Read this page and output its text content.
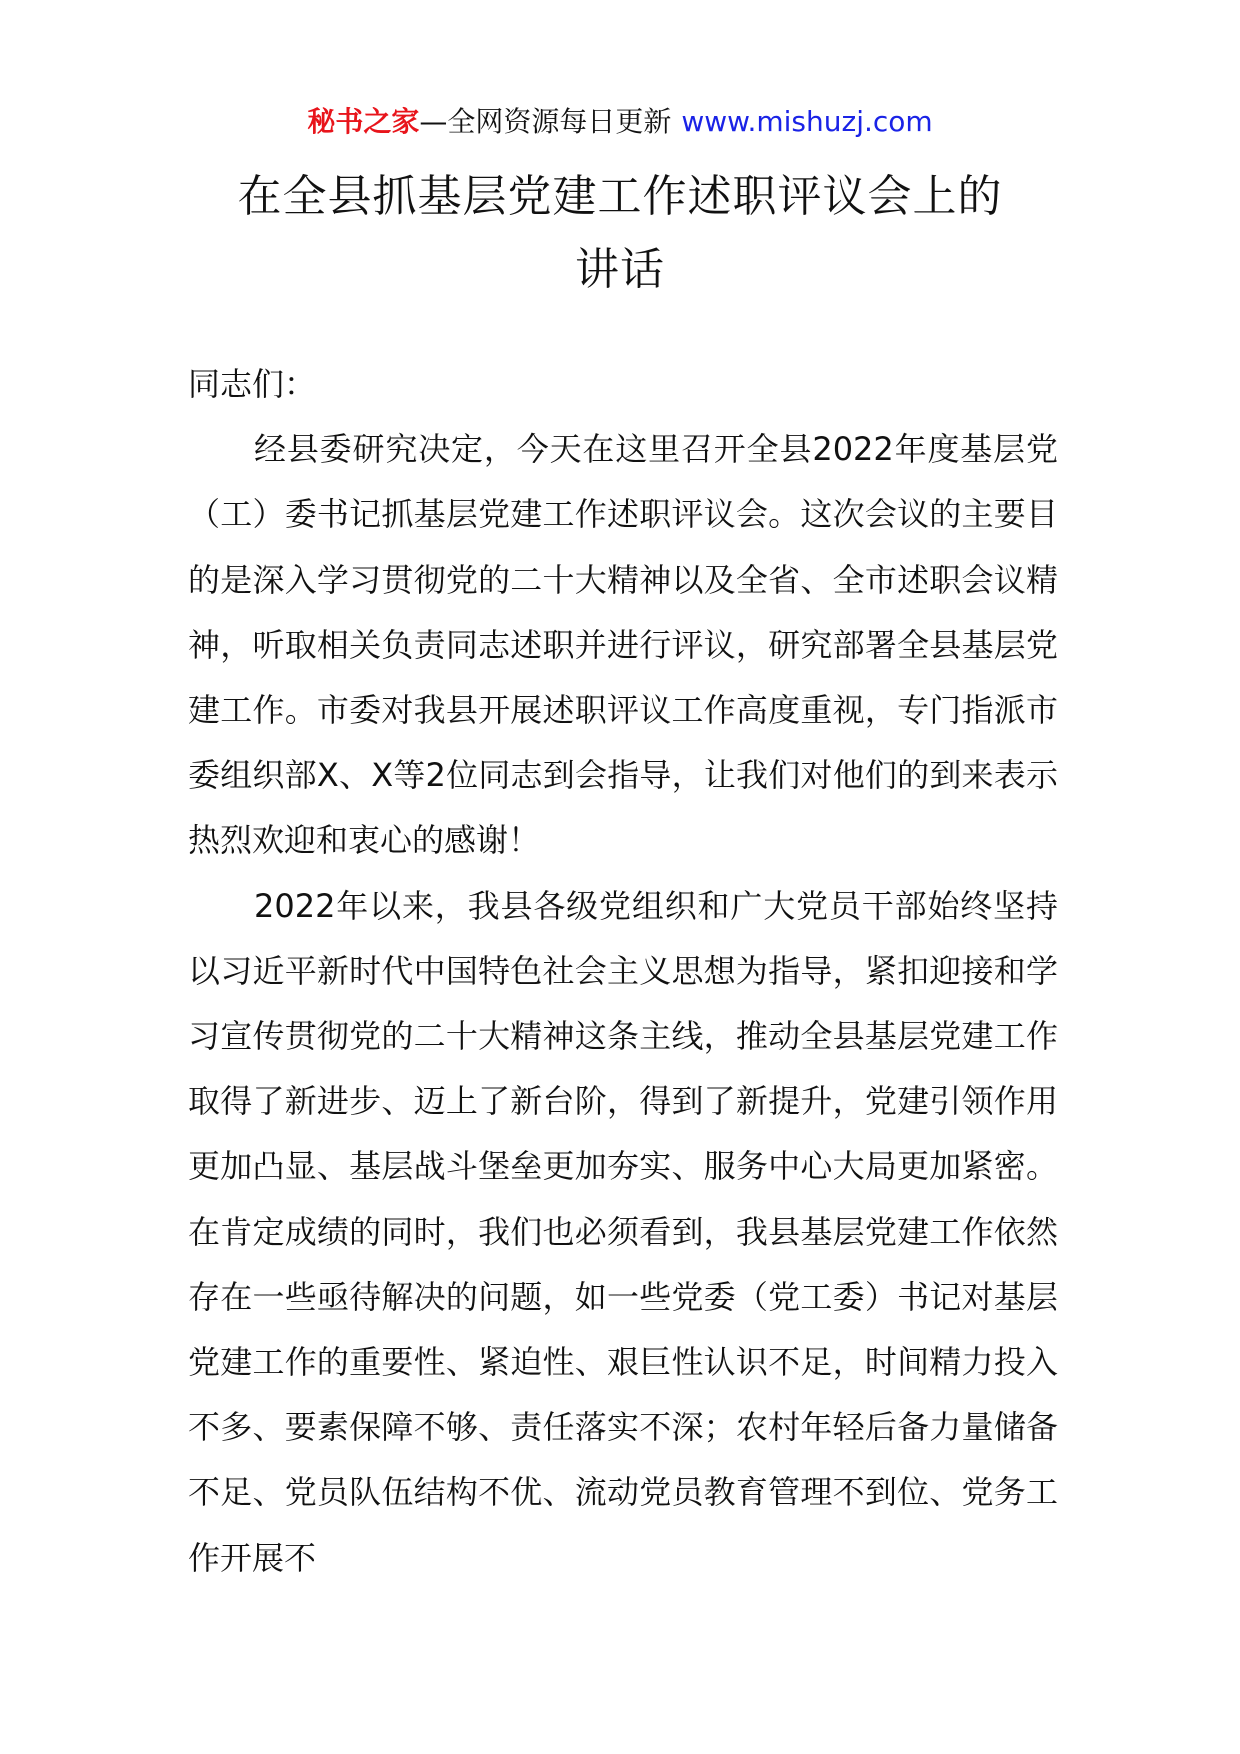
秘书之家—全网资源每日更新 www.mishuzj.com
在全县抓基层党建工作述职评议会上的
讲话

同志们：

经县委研究决定，今天在这里召开全县2022年度基层党（工）委书记抓基层党建工作述职评议会。这次会议的主要目的是深入学习贯彻党的二十大精神以及全省、全市述职会议精神，听取相关负责同志述职并进行评议，研究部署全县基层党建工作。市委对我县开展述职评议工作高度重视，专门指派市委组织部X、X等2位同志到会指导，让我们对他们的到来表示热烈欢迎和衷心的感谢！

2022年以来，我县各级党组织和广大党员干部始终坚持以习近平新时代中国特色社会主义思想为指导，紧扣迎接和学习宣传贯彻党的二十大精神这条主线，推动全县基层党建工作取得了新进步、迈上了新台阶，得到了新提升，党建引领作用更加凸显、基层战斗堡垒更加夯实、服务中心大局更加紧密。在肯定成绩的同时，我们也必须看到，我县基层党建工作依然存在一些亟待解决的问题，如一些党委（党工委）书记对基层党建工作的重要性、紧迫性、艰巨性认识不足，时间精力投入不多、要素保障不够、责任落实不深；农村年轻后备力量储备不足、党员队伍结构不优、流动党员教育管理不到位、党务工作开展不
